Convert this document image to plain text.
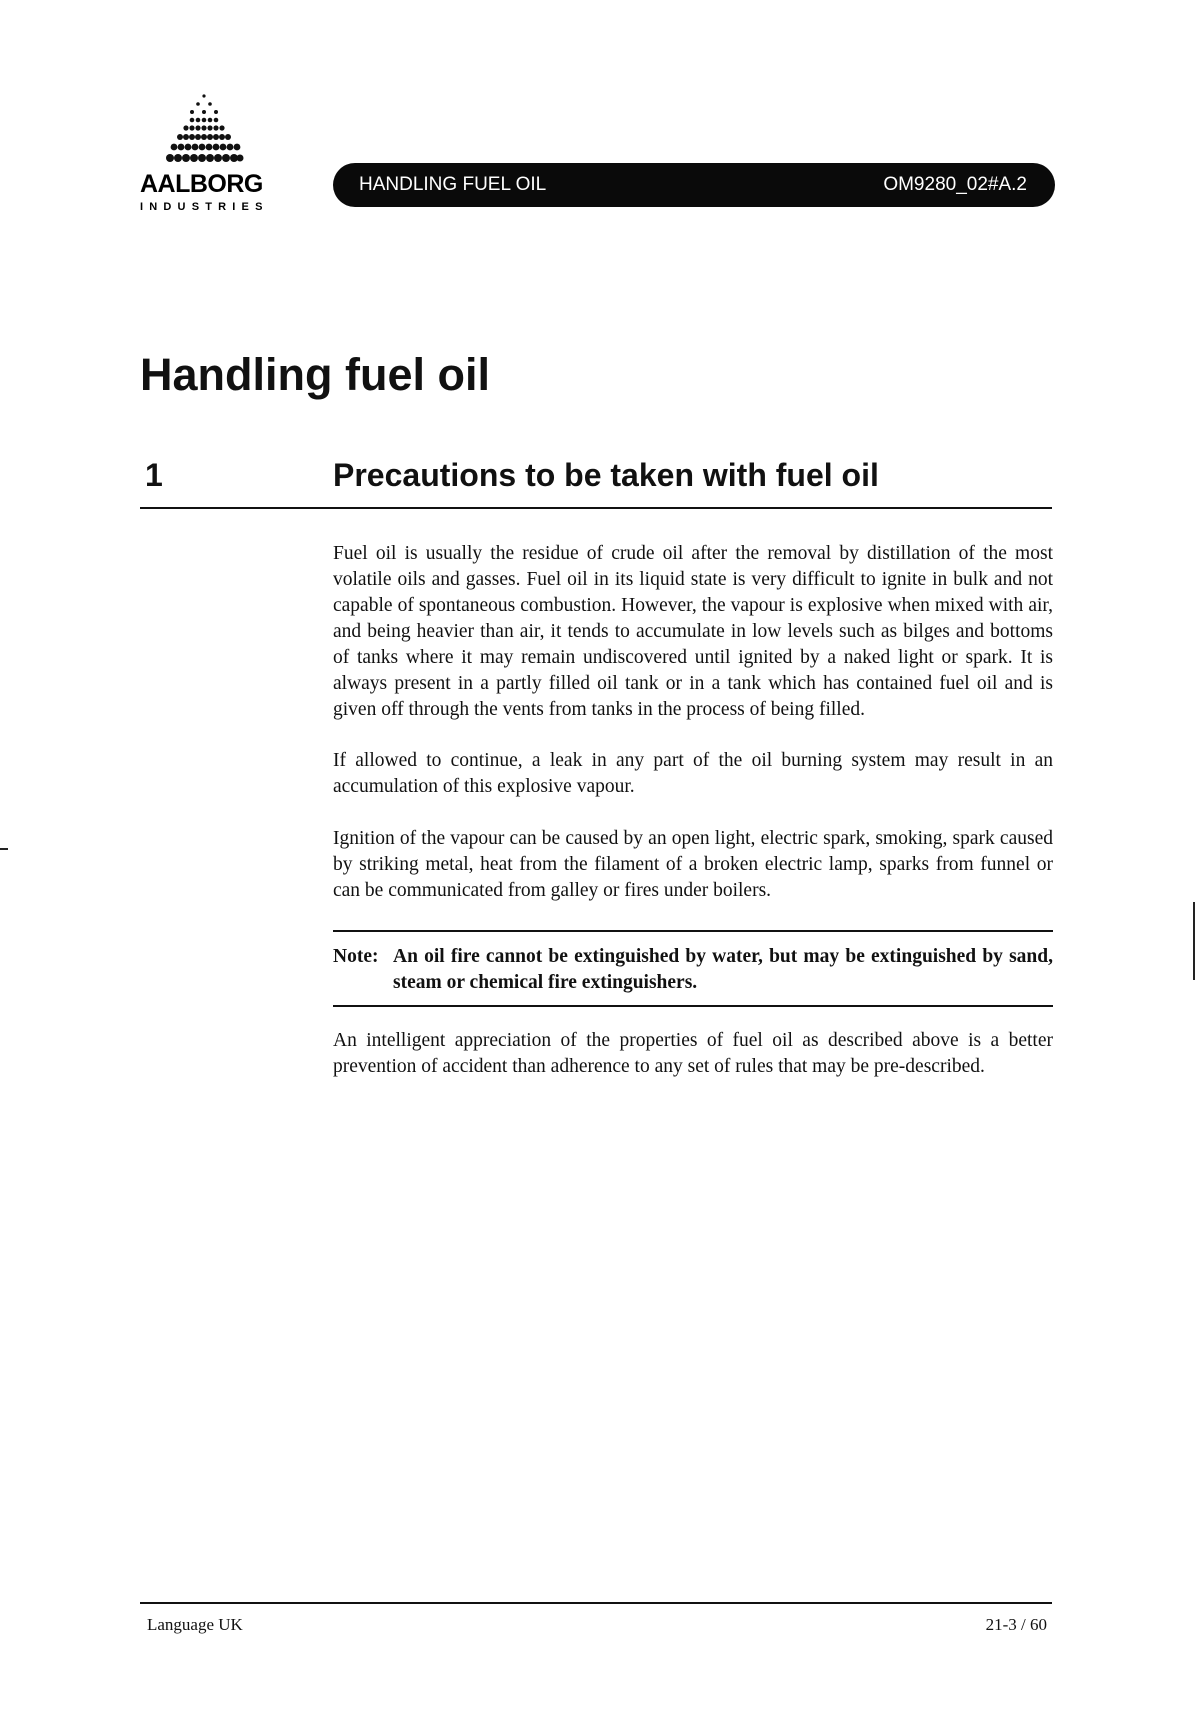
AALBORG
INDUSTRIES
HANDLING FUEL OIL	OM9280_02#A.2
Handling fuel oil
1	Precautions to be taken with fuel oil

Fuel oil is usually the residue of crude oil after the removal by distillation of the most volatile oils and gasses. Fuel oil in its liquid state is very difficult to ignite in bulk and not capable of spontaneous combustion. However, the vapour is explosive when mixed with air, and being heavier than air, it tends to accumulate in low levels such as bilges and bottoms of tanks where it may remain undiscovered until ignited by a naked light or spark. It is always present in a partly filled oil tank or in a tank which has contained fuel oil and is given off through the vents from tanks in the process of being filled.

If allowed to continue, a leak in any part of the oil burning system may result in an accumulation of this explosive vapour.

Ignition of the vapour can be caused by an open light, electric spark, smoking, spark caused by striking metal, heat from the filament of a broken electric lamp, sparks from funnel or can be communicated from galley or fires under boilers.

Note: An oil fire cannot be extinguished by water, but may be extinguished by sand, steam or chemical fire extinguishers.

An intelligent appreciation of the properties of fuel oil as described above is a better prevention of accident than adherence to any set of rules that may be pre-described.

Language UK	21-3 / 60
